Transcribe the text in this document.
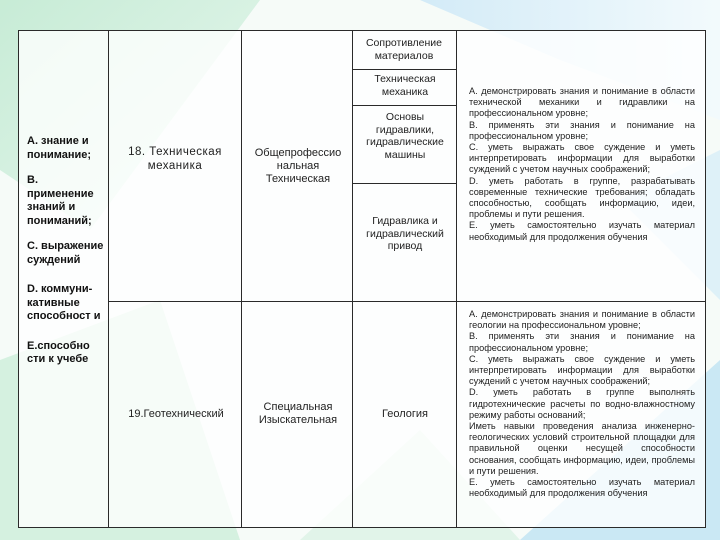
Сопротивление материалов
А. знание и понимание;
В. применение знаний и пониманий;
С. выражение суждений
D. коммуни-кативные способност и
Е.способно сти к учебе
18. Техническая механика
Общепрофессио нальная Техническая
Техническая механика
Основы гидравлики, гидравлические машины
Гидравлика и гидравлический привод

А. демонстрировать знания и понимание в области технической механики и гидравлики на профессиональном уровне;

В. применять эти знания и понимание на профессиональном уровне;

С. уметь выражать свое суждение и уметь интерпретировать информации для выработки суждений с учетом научных соображений;

D. уметь работать в группе, разрабатывать современные технические требования; обладать способностью, сообщать информацию, идеи, проблемы и пути решения.

Е. уметь самостоятельно изучать материал необходимый для продолжения обучения

19.Геотехнический
Специальная Изыскательная	Геология

А. демонстрировать знания и понимание в области геологии на профессиональном уровне;

В. применять эти знания и понимание на профессиональном уровне;

С. уметь выражать свое суждение и уметь интерпретировать информации для выработки суждений с учетом научных соображений;

D. уметь работать в группе выполнять гидротехнические расчеты по водно-влажностному режиму работы оснований;

Иметь навыки проведения анализа инженерно-геологических условий строительной площадки для правильной оценки несущей способности основания, сообщать информацию, идеи, проблемы и пути решения.

Е. уметь самостоятельно изучать материал необходимый для продолжения обучения
